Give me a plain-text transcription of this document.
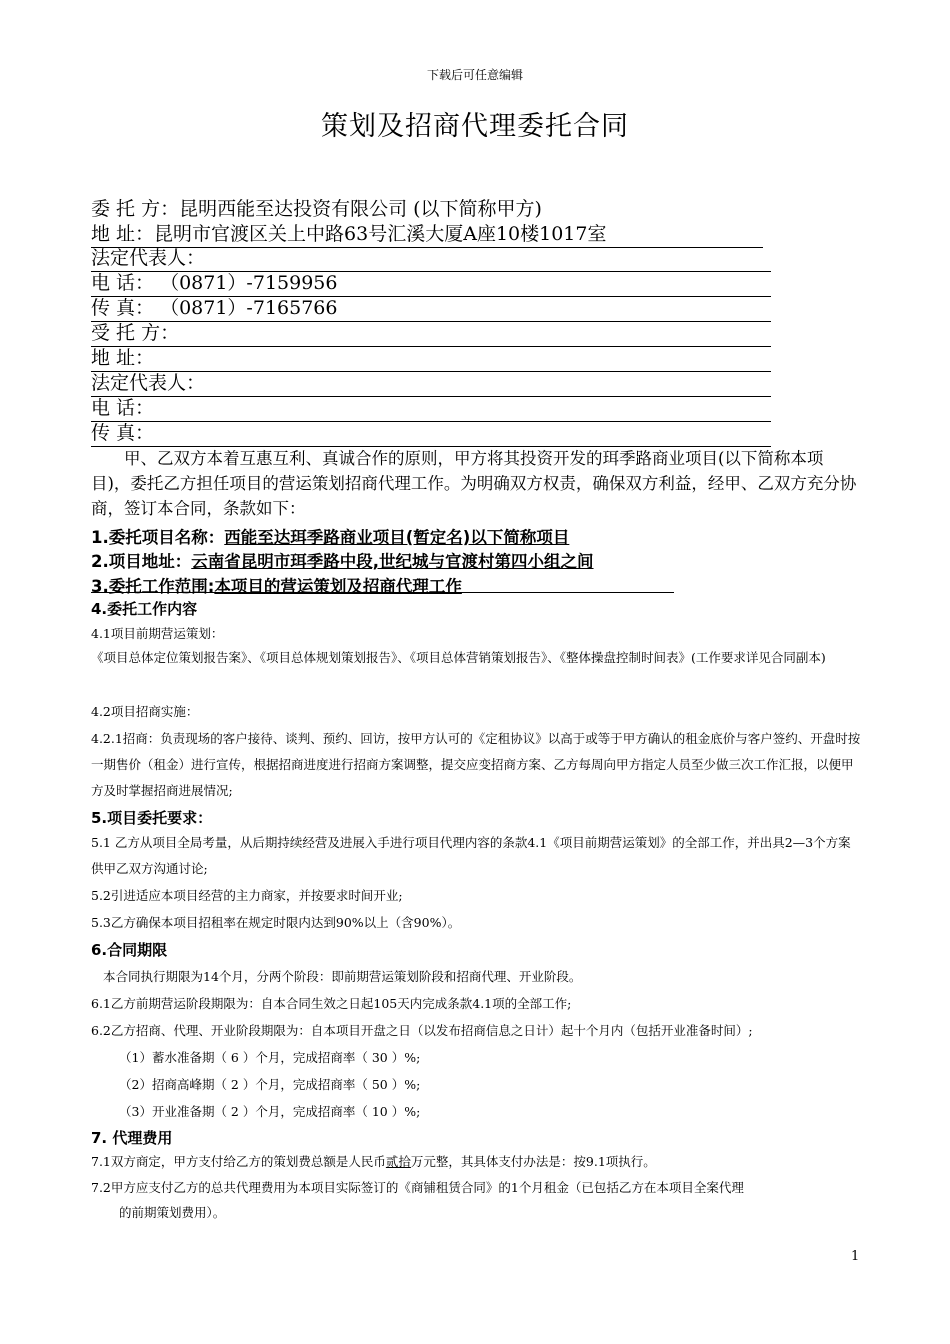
下载后可任意编辑
策划及招商代理委托合同
委 托 方：昆明西能至达投资有限公司 (以下简称甲方)
地 址：昆明市官渡区关上中路63号汇溪大厦A座10楼1017室
法定代表人：
电 话： （0871）-7159956
传 真： （0871）-7165766
受 托 方：
地 址：
法定代表人：
电 话：
传 真：
甲、乙双方本着互惠互利、真诚合作的原则，甲方将其投资开发的珥季路商业项目(以下简称本项目)，委托乙方担任项目的营运策划招商代理工作。为明确双方权责，确保双方利益，经甲、乙双方充分协商，签订本合同，条款如下：
1.委托项目名称：西能至达珥季路商业项目(暂定名)以下简称项目
2.项目地址：云南省昆明市珥季路中段,世纪城与官渡村第四小组之间
3.委托工作范围:本项目的营运策划及招商代理工作
4.委托工作内容
4.1项目前期营运策划：
《项目总体定位策划报告案》、《项目总体规划策划报告》、《项目总体营销策划报告》、《整体操盘控制时间表》(工作要求详见合同副本)
4.2项目招商实施：
4.2.1招商：负责现场的客户接待、谈判、预约、回访，按甲方认可的《定租协议》以高于或等于甲方确认的租金底价与客户签约、开盘时按一期售价（租金）进行宣传，根据招商进度进行招商方案调整，提交应变招商方案、乙方每周向甲方指定人员至少做三次工作汇报，以便甲方及时掌握招商进展情况;
5.项目委托要求：
5.1 乙方从项目全局考量，从后期持续经营及进展入手进行项目代理内容的条款4.1《项目前期营运策划》的全部工作，并出具2—3个方案供甲乙双方沟通讨论;
5.2引进适应本项目经营的主力商家，并按要求时间开业;
5.3乙方确保本项目招租率在规定时限内达到90%以上（含90%）。
6.合同期限
本合同执行期限为14个月，分两个阶段：即前期营运策划阶段和招商代理、开业阶段。
6.1乙方前期营运阶段期限为：自本合同生效之日起105天内完成条款4.1项的全部工作;
6.2乙方招商、代理、开业阶段期限为：自本项目开盘之日（以发布招商信息之日计）起十个月内（包括开业准备时间）;
（1）蓄水准备期（ 6 ）个月，完成招商率（ 30 ）%;
（2）招商高峰期（ 2 ）个月，完成招商率（ 50 ）%;
（3）开业准备期（ 2 ）个月，完成招商率（ 10 ）%;
7. 代理费用
7.1双方商定，甲方支付给乙方的策划费总额是人民币贰拾万元整，其具体支付办法是：按9.1项执行。
7.2甲方应支付乙方的总共代理费用为本项目实际签订的《商铺租赁合同》的1个月租金（已包括乙方在本项目全案代理
的前期策划费用）。
1
